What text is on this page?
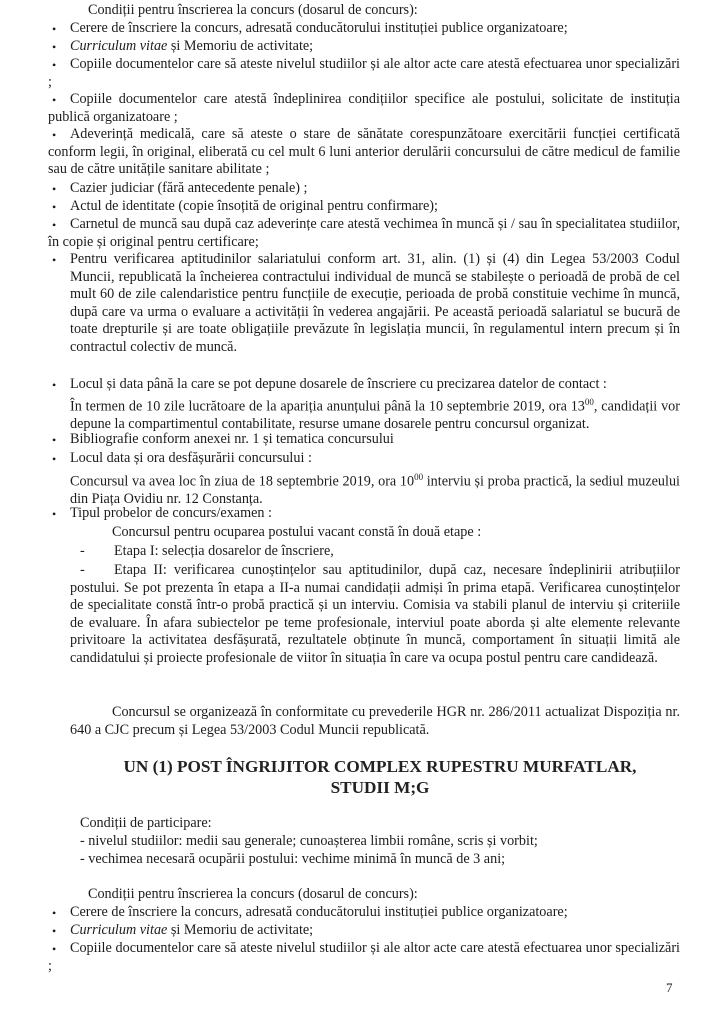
Condiții pentru înscrierea la concurs (dosarul de concurs):
• Cerere de înscriere la concurs, adresată conducătorului instituției publice organizatoare;
• Curriculum vitae și Memoriu de activitate;
• Copiile documentelor care să ateste nivelul studiilor și ale altor acte care atestă efectuarea unor specializări ;
• Copiile documentelor care atestă îndeplinirea condițiilor specifice ale postului, solicitate de instituția publică organizatoare ;
• Adeverință medicală, care să ateste o stare de sănătate corespunzătoare exercitării funcției certificată conform legii, în original, eliberată cu cel mult 6 luni anterior derulării concursului de către medicul de familie sau de către unitățile sanitare abilitate ;
• Cazier judiciar (fără antecedente penale) ;
• Actul de identitate (copie însoțită de original pentru confirmare);
• Carnetul de muncă sau după caz adeverințe care atestă vechimea în muncă și / sau în specialitatea studiilor, în copie și original pentru certificare;
• Pentru verificarea aptitudinilor salariatului conform art. 31, alin. (1) și (4) din Legea 53/2003 Codul Muncii, republicată la încheierea contractului individual de muncă se stabilește o perioadă de probă de cel mult 60 de zile calendaristice pentru funcțiile de execuție, perioada de probă constituie vechime în muncă, după care va urma o evaluare a activității în vederea angajării. Pe această perioadă salariatul se bucură de toate drepturile și are toate obligațiile prevăzute în legislația muncii, în regulamentul intern precum și în contractul colectiv de muncă.
• Locul și data până la care se pot depune dosarele de înscriere cu precizarea datelor de contact :
În termen de 10 zile lucrătoare de la apariția anunțului până la 10 septembrie 2019, ora $13^{00}$, candidații vor depune la compartimentul contabilitate, resurse umane dosarele pentru concursul organizat.
• Bibliografie conform anexei nr. 1 și tematica concursului
• Locul data și ora desfășurării concursului :
Concursul va avea loc în ziua de 18 septembrie 2019, ora $10^{00}$ interviu și proba practică, la sediul muzeului din Piața Ovidiu nr. 12 Constanța.
• Tipul probelor de concurs/examen :
Concursul pentru ocuparea postului vacant constă în două etape :
- Etapa I: selecția dosarelor de înscriere,
-	Etapa II: verificarea cunoștințelor sau aptitudinilor, după caz, necesare îndeplinirii atribuțiilor postului. Se pot prezenta în etapa a II-a numai candidații admiși în prima etapă. Verificarea cunoștințelor de specialitate constă într-o probă practică și un interviu. Comisia va stabili planul de interviu și criteriile de evaluare. În afara subiectelor pe teme profesionale, interviul poate aborda și alte elemente relevante privitoare la activitatea desfășurată, rezultatele obținute în muncă, comportament în situații limită ale candidatului și proiecte profesionale de viitor în situația în care va ocupa postul pentru care candidează.
Concursul se organizează în conformitate cu prevederile HGR nr. 286/2011 actualizat Dispoziția nr. 640 a CJC precum și Legea 53/2003 Codul Muncii republicată.
UN (1) POST ÎNGRIJITOR COMPLEX RUPESTRU MURFATLAR,
STUDII M;G
Condiții de participare:
- nivelul studiilor: medii sau generale; cunoașterea limbii române, scris și vorbit;
- vechimea necesară ocupării postului: vechime minimă în muncă de 3 ani;
Condiții pentru înscrierea la concurs (dosarul de concurs):
• Cerere de înscriere la concurs, adresată conducătorului instituției publice organizatoare;
• Curriculum vitae și Memoriu de activitate;
• Copiile documentelor care să ateste nivelul studiilor și ale altor acte care atestă efectuarea unor specializări ;
7
